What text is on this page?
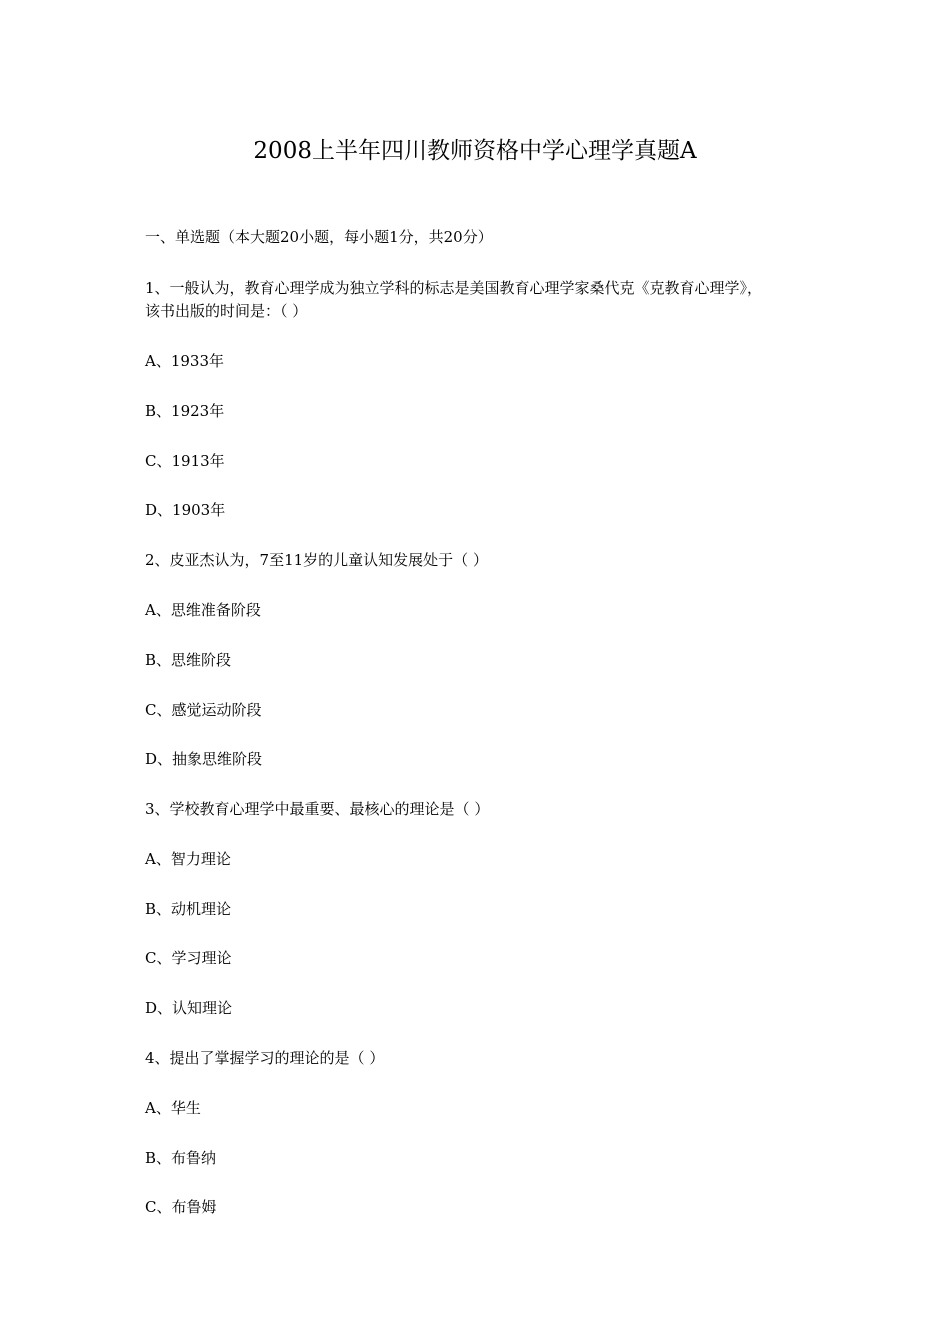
2008上半年四川教师资格中学心理学真题A
一、单选题（本大题20小题，每小题1分，共20分）
1、一般认为，教育心理学成为独立学科的标志是美国教育心理学家桑代克《克教育心理学》，
该书出版的时间是：（ ）
A、1933年
B、1923年
C、1913年
D、1903年
2、皮亚杰认为，7至11岁的儿童认知发展处于（ ）
A、思维准备阶段
B、思维阶段
C、感觉运动阶段
D、抽象思维阶段
3、学校教育心理学中最重要、最核心的理论是（ ）
A、智力理论
B、动机理论
C、学习理论
D、认知理论
4、提出了掌握学习的理论的是（ ）
A、华生
B、布鲁纳
C、布鲁姆
